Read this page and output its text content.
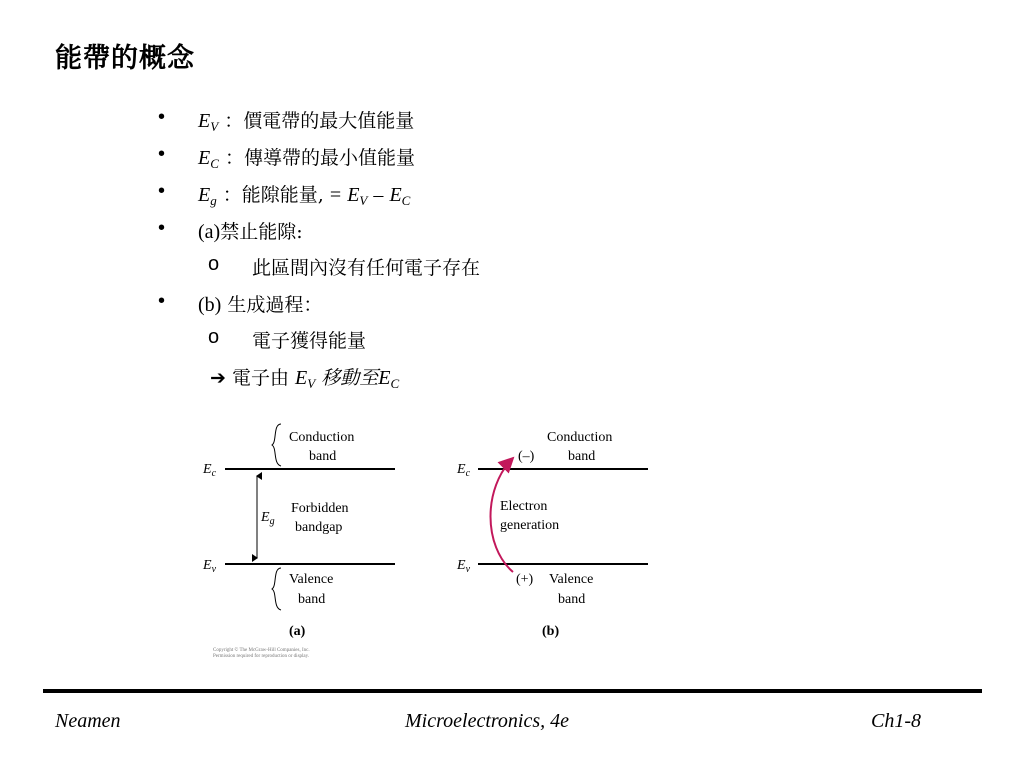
能帶的概念
• $E_V$ ：價電帶的最大值能量
• $E_C$ ：傳導帶的最小值能量
• $E_g$ ：能隙能量, = $E_V - E_C$
• (a)禁止能隙:
o 此區間內沒有任何電子存在
• (b) 生成過程：
o 電子獲得能量
➔ 電子由 $E_V$ 移動至$E_C$
Conduction
band
$E_c$
$E_g$
Forbidden
bandgap
$E_v$
Valence
band
(a)
Conduction
band
(–)
$E_c$
Electron
generation
$E_v$
(+) Valence
band
(b)
Copyright © The McGraw-Hill Companies, Inc.
Permission required for reproduction or display.
Neamen	Microelectronics, 4e	Ch1-8
